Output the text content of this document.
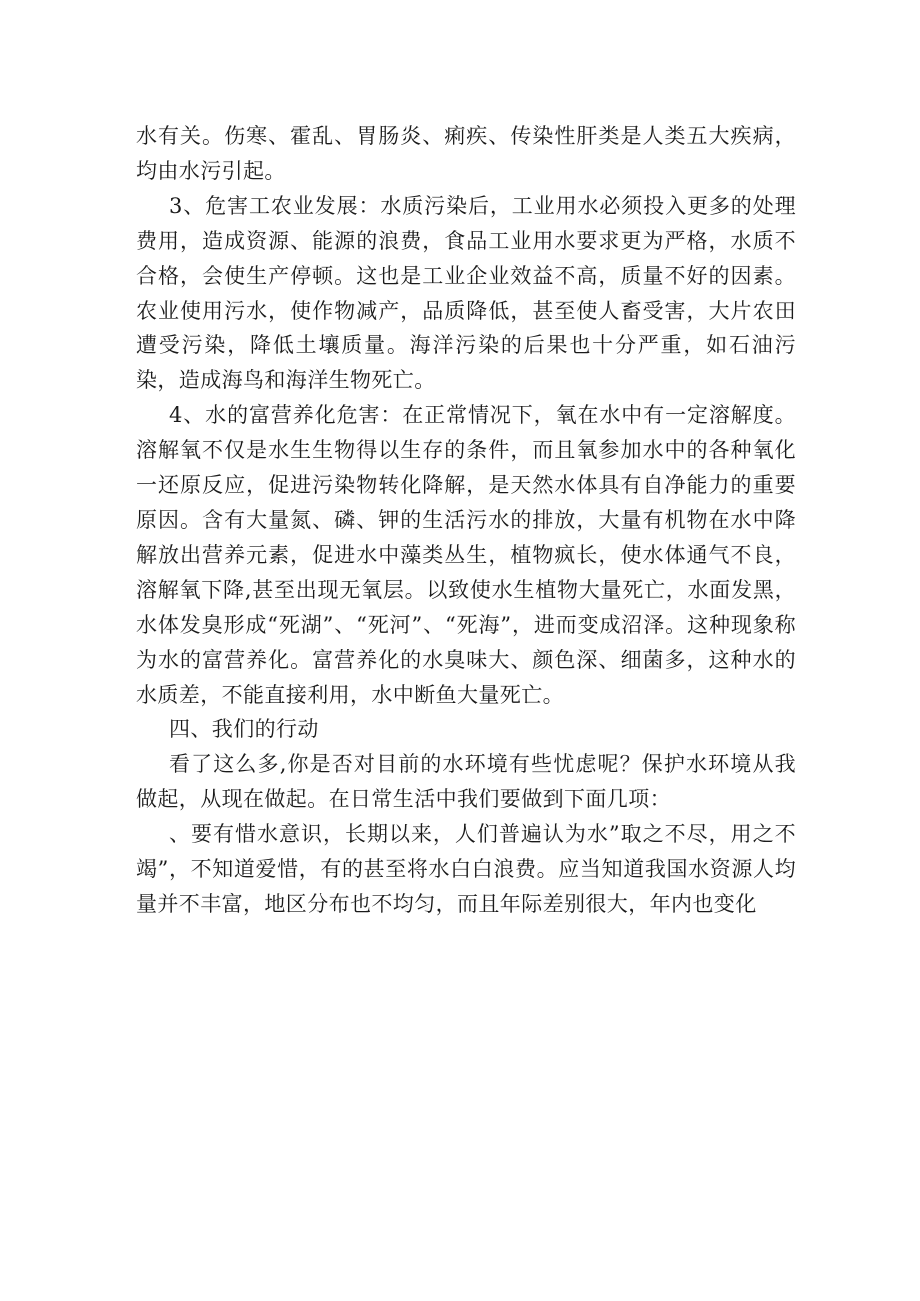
水有关。伤寒、霍乱、胃肠炎、痢疾、传染性肝类是人类五大疾病，均由水污引起。

3、危害工农业发展：水质污染后，工业用水必须投入更多的处理费用，造成资源、能源的浪费，食品工业用水要求更为严格，水质不合格，会使生产停顿。这也是工业企业效益不高，质量不好的因素。农业使用污水，使作物减产，品质降低，甚至使人畜受害，大片农田遭受污染，降低土壤质量。海洋污染的后果也十分严重，如石油污染，造成海鸟和海洋生物死亡。

4、水的富营养化危害：在正常情况下，氧在水中有一定溶解度。溶解氧不仅是水生生物得以生存的条件，而且氧参加水中的各种氧化一还原反应，促进污染物转化降解，是天然水体具有自净能力的重要原因。含有大量氮、磷、钾的生活污水的排放，大量有机物在水中降解放出营养元素，促进水中藻类丛生，植物疯长，使水体通气不良，溶解氧下降,甚至出现无氧层。以致使水生植物大量死亡，水面发黑，水体发臭形成“死湖”、“死河”、“死海”，进而变成沼泽。这种现象称为水的富营养化。富营养化的水臭味大、颜色深、细菌多，这种水的水质差，不能直接利用，水中断鱼大量死亡。

四、我们的行动

看了这么多,你是否对目前的水环境有些忧虑呢？保护水环境从我做起，从现在做起。在日常生活中我们要做到下面几项：

、要有惜水意识，长期以来，人们普遍认为水”取之不尽，用之不竭”，不知道爱惜，有的甚至将水白白浪费。应当知道我国水资源人均量并不丰富，地区分布也不均匀，而且年际差别很大，年内也变化
